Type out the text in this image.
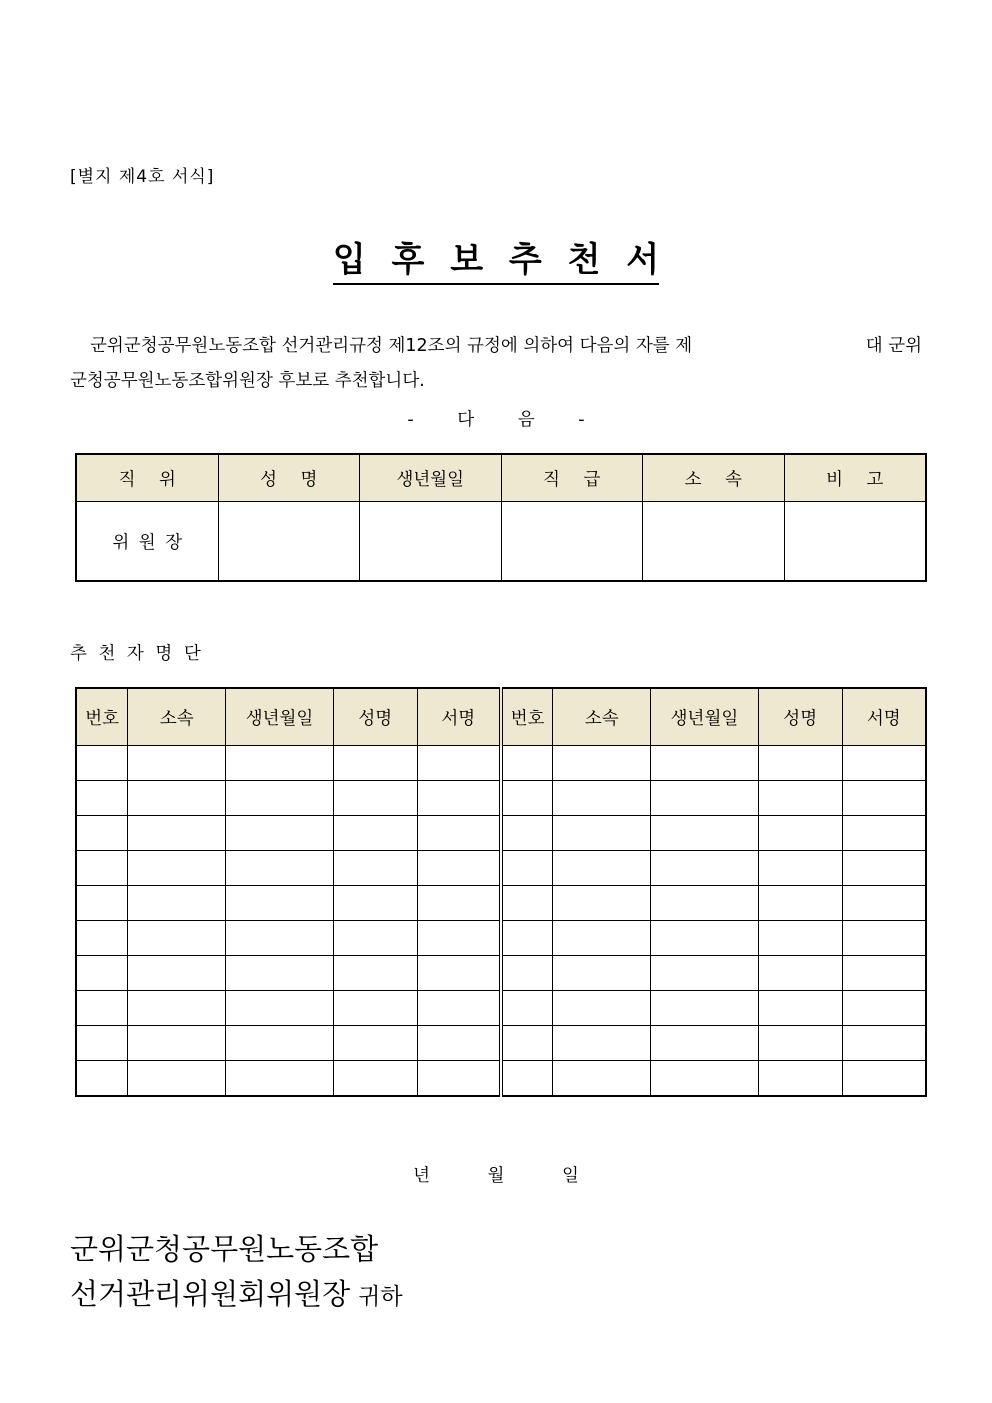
[별지 제4호 서식]
입 후 보 추 천 서
군위군청공무원노동조합 선거관리규정 제12조의 규정에 의하여 다음의 자를 제	대 군위
군청공무원노동조합위원장 후보로 추천합니다.
- 다 음 -
직 위	성 명	생년월일	직 급	소 속	비 고
위 원 장					
추 천 자 명 단
번호	소속	생년월일	성명	서명	번호	소속	생년월일	성명	서명

년 월 일
군위군청공무원노동조합
선거관리위원회위원장 귀하
